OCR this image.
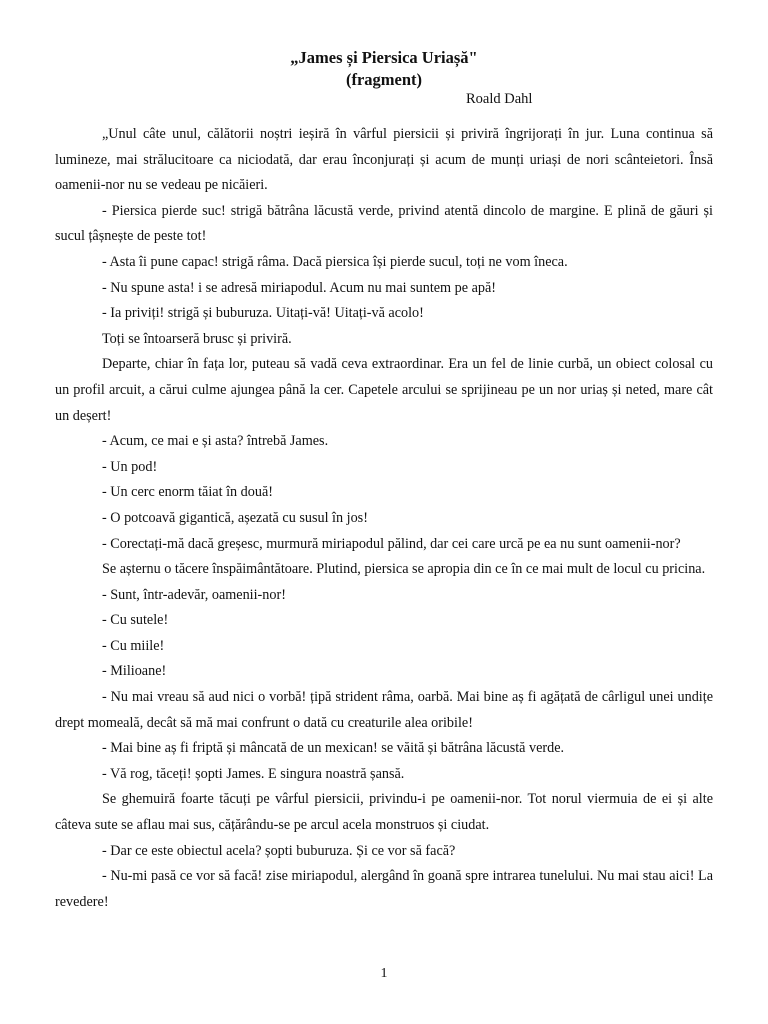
„James și Piersica Uriașă"
(fragment)
Roald Dahl

„Unul câte unul, călătorii noștri ieșiră în vârful piersicii și priviră îngrijorați în jur. Luna continua să lumineze, mai strălucitoare ca niciodată, dar erau înconjurați și acum de munți uriași de nori scânteietori. Însă oamenii-nor nu se vedeau pe nicăieri.

- Piersica pierde suc! strigă bătrâna lăcustă verde, privind atentă dincolo de margine. E plină de găuri și sucul țâșnește de peste tot!

- Asta îi pune capac! strigă râma. Dacă piersica își pierde sucul, toți ne vom îneca.

- Nu spune asta! i se adresă miriapodul. Acum nu mai suntem pe apă!

- Ia priviți! strigă și buburuza. Uitați-vă! Uitați-vă acolo!

Toți se întoarseră brusc și priviră.

Departe, chiar în fața lor, puteau să vadă ceva extraordinar. Era un fel de linie curbă, un obiect colosal cu un profil arcuit, a cărui culme ajungea până la cer. Capetele arcului se sprijineau pe un nor uriaș și neted, mare cât un deșert!

- Acum, ce mai e și asta? întrebă James.

- Un pod!

- Un cerc enorm tăiat în două!

- O potcoavă gigantică, așezată cu susul în jos!

- Corectați-mă dacă greșesc, murmură miriapodul pălind, dar cei care urcă pe ea nu sunt oamenii-nor?

Se așternu o tăcere înspăimântătoare. Plutind, piersica se apropia din ce în ce mai mult de locul cu pricina.

- Sunt, într-adevăr, oamenii-nor!

- Cu sutele!

- Cu miile!

- Milioane!

- Nu mai vreau să aud nici o vorbă! țipă strident râma, oarbă. Mai bine aș fi agățată de cârligul unei undițe drept momeală, decât să mă mai confrunt o dată cu creaturile alea oribile!

- Mai bine aș fi friptă și mâncată de un mexican! se văită și bătrâna lăcustă verde.

- Vă rog, tăceți! șopti James. E singura noastră șansă.

Se ghemuiră foarte tăcuți pe vârful piersicii, privindu-i pe oamenii-nor. Tot norul viermuia de ei și alte câteva sute se aflau mai sus, cățărându-se pe arcul acela monstruos și ciudat.

- Dar ce este obiectul acela? șopti buburuza. Și ce vor să facă?

- Nu-mi pasă ce vor să facă! zise miriapodul, alergând în goană spre intrarea tunelului. Nu mai stau aici! La revedere!

1
